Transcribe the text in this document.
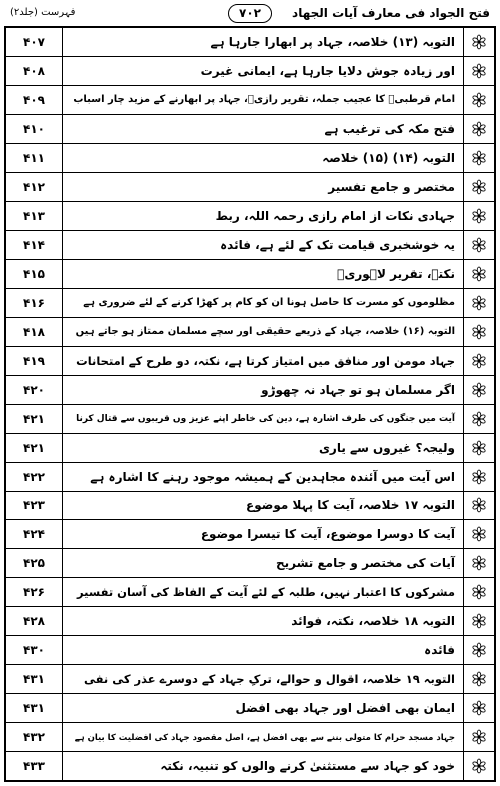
فہرست (جلد۲)	۷۰۲	فتح الجواد فی معارف آیات الجھاد
۴۰۷	التوبہ (۱۳) خلاصہ، جہاد پر ابھارا جارہا ہے
۴۰۸	اور زیادہ جوش دلایا جارہا ہے، ایمانی غیرت
۴۰۹	امام قرطبیؒ کا عجیب جملہ، تقریر رازیؒ، جہاد پر ابھارنے کے مزید چار اسباب
۴۱۰	فتح مکہ کی ترغیب ہے
۴۱۱	التوبہ (۱۴) (۱۵) خلاصہ
۴۱۲	مختصر و جامع تفسیر
۴۱۳	جہادی نکات از امام رازی رحمہ اللہ، ربط
۴۱۴	یہ خوشخبری قیامت تک کے لئے ہے، فائدہ
۴۱۵	نکتہ، تقریر لاہوریؒ
۴۱۶	مظلوموں کو مسرت کا حاصل ہونا ان کو کام پر کھڑا کرنے کے لئے ضروری ہے
۴۱۸	التوبہ (۱۶) خلاصہ، جہاد کے ذریعے حقیقی اور سچے مسلمان ممتاز ہو جاتے ہیں
۴۱۹	جہاد مومن اور منافق میں امتیاز کرتا ہے، نکتہ، دو طرح کے امتحانات
۴۲۰	اگر مسلمان ہو تو جہاد نہ چھوڑو
۴۲۱	آیت میں جنگوں کی طرف اشارہ ہے، دین کی خاطر اپنے عزیز وں قریبوں سے قتال کرنا
۴۲۱	ولیجہ؟ غیروں سے یاری
۴۲۲	اس آیت میں آئندہ مجاہدین کے ہمیشہ موجود رہنے کا اشارہ ہے
۴۲۳	التوبہ ۱۷ خلاصہ، آیت کا پہلا موضوع
۴۲۴	آیت کا دوسرا موضوع، آیت کا تیسرا موضوع
۴۲۵	آیات کی مختصر و جامع تشریح
۴۲۶	مشرکوں کا اعتبار نہیں، طلبہ کے لئے آیت کے الفاظ کی آسان تفسیر
۴۲۸	التوبہ ۱۸ خلاصہ، نکتہ، فوائد
۴۳۰	فائدہ
۴۳۱	التوبہ ۱۹ خلاصہ، اقوال و حوالے، ترکِ جہاد کے دوسرے عذر کی نفی
۴۳۱	ایمان بھی افضل اور جہاد بھی افضل
۴۳۲	جہاد مسجد حرام کا متولی بننے سے بھی افضل ہے، اصل مقصود جہاد کی افضلیت کا بیان ہے
۴۳۳	خود کو جہاد سے مستثنیٰ کرنے والوں کو تنبیہ، نکتہ
